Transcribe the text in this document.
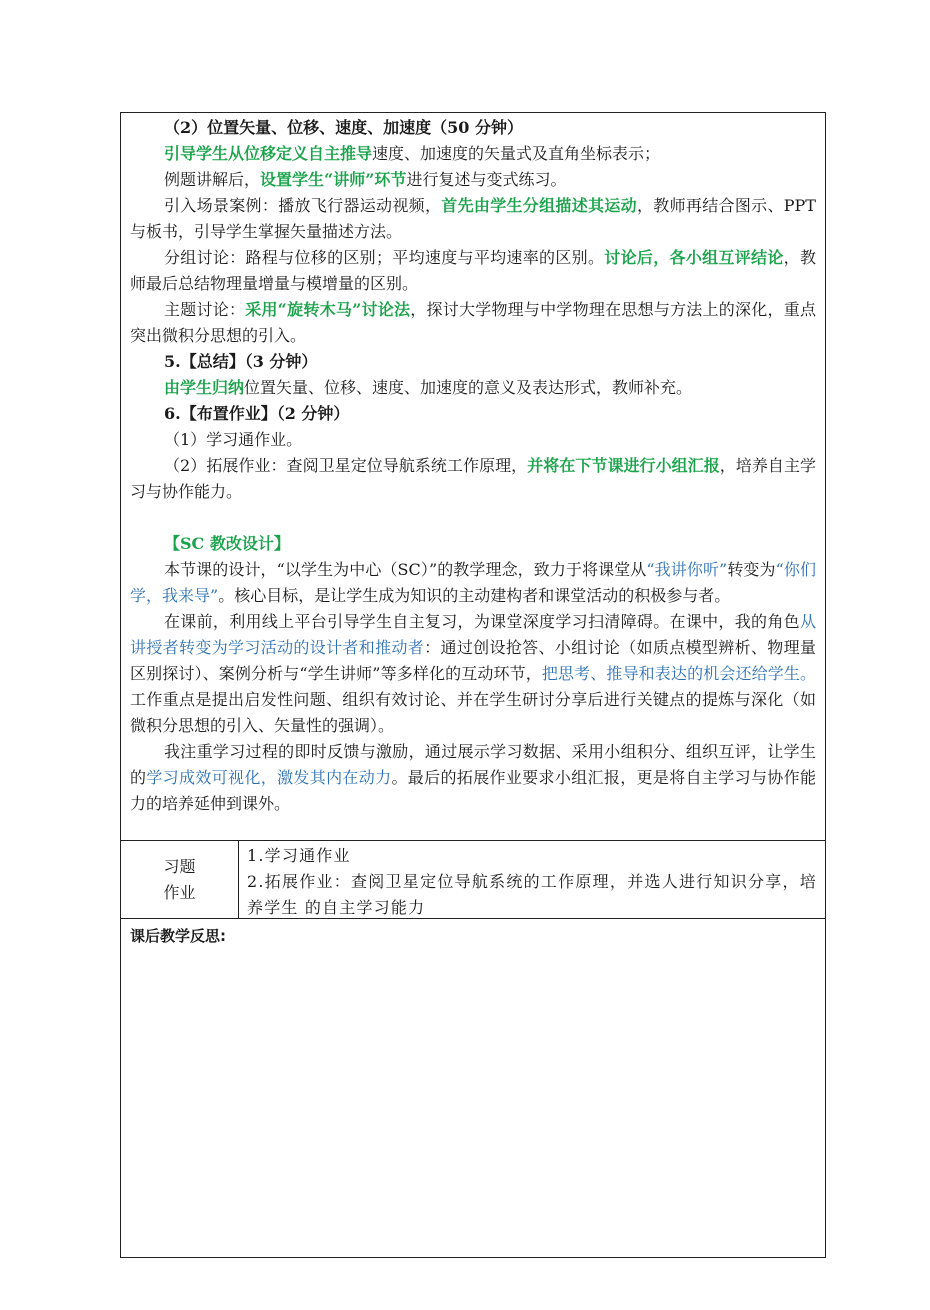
（2）位置矢量、位移、速度、加速度（50 分钟）

引导学生从位移定义自主推导速度、加速度的矢量式及直角坐标表示；

例题讲解后，设置学生“讲师”环节进行复述与变式练习。

引入场景案例：播放飞行器运动视频，首先由学生分组描述其运动，教师再结合图示、PPT 与板书，引导学生掌握矢量描述方法。

分组讨论：路程与位移的区别；平均速度与平均速率的区别。讨论后，各小组互评结论，教师最后总结物理量增量与模增量的区别。

主题讨论：采用“旋转木马”讨论法，探讨大学物理与中学物理在思想与方法上的深化，重点突出微积分思想的引入。

5.【总结】（3 分钟）

由学生归纳位置矢量、位移、速度、加速度的意义及表达形式，教师补充。

6.【布置作业】（2 分钟）

（1）学习通作业。

（2）拓展作业：查阅卫星定位导航系统工作原理，并将在下节课进行小组汇报，培养自主学习与协作能力。

【SC 教改设计】

本节课的设计，“以学生为中心（SC）”的教学理念，致力于将课堂从“我讲你听”转变为“你们学，我来导”。核心目标，是让学生成为知识的主动建构者和课堂活动的积极参与者。

在课前，利用线上平台引导学生自主复习，为课堂深度学习扫清障碍。在课中，我的角色从讲授者转变为学习活动的设计者和推动者：通过创设抢答、小组讨论（如质点模型辨析、物理量区别探讨）、案例分析与“学生讲师”等多样化的互动环节，把思考、推导和表达的机会还给学生。工作重点是提出启发性问题、组织有效讨论、并在学生研讨分享后进行关键点的提炼与深化（如微积分思想的引入、矢量性的强调）。

我注重学习过程的即时反馈与激励，通过展示学习数据、采用小组积分、组织互评，让学生的学习成效可视化，激发其内在动力。最后的拓展作业要求小组汇报，更是将自主学习与协作能力的培养延伸到课外。

习题
作业

1.学习通作业

2.拓展作业：查阅卫星定位导航系统的工作原理，并选人进行知识分享，培养学生 的自主学习能力

课后教学反思:
